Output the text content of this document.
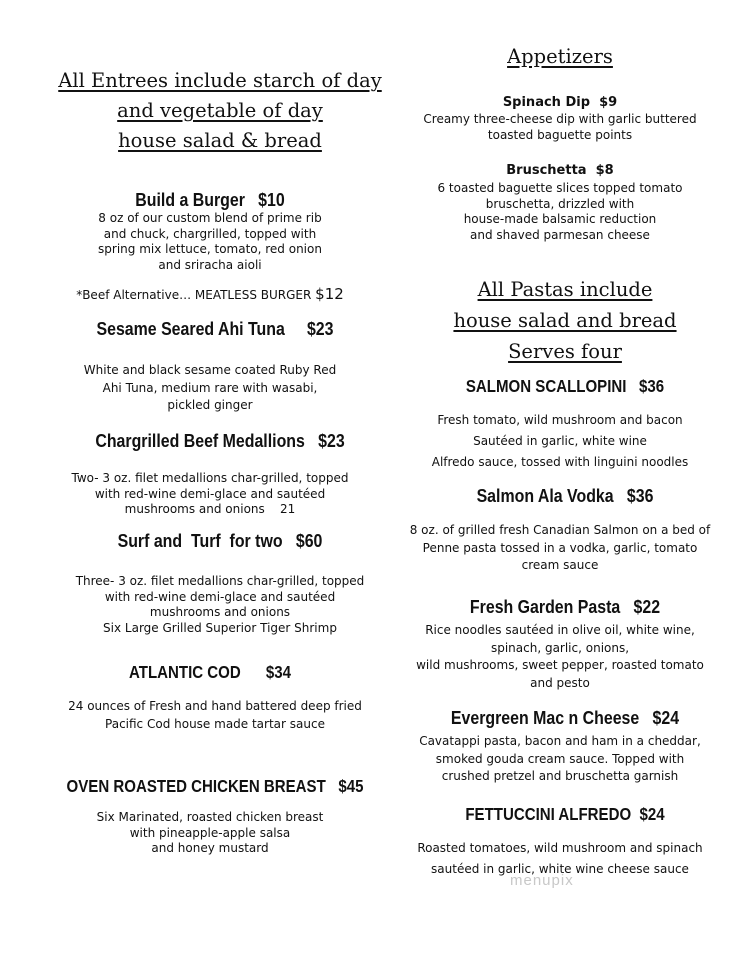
All Entrees include starch of day
and vegetable of day
house salad & bread
Build a Burger $10
8 oz of our custom blend of prime rib
and chuck, chargrilled, topped with
spring mix lettuce, tomato, red onion
and sriracha aioli
*Beef Alternative… MEATLESS BURGER $12
Sesame Seared Ahi Tuna $23
White and black sesame coated Ruby Red
Ahi Tuna, medium rare with wasabi,
pickled ginger
Chargrilled Beef Medallions $23
Two- 3 oz. filet medallions char-grilled, topped
with red-wine demi-glace and sautéed
mushrooms and onions    21
Surf and  Turf  for two $60
Three- 3 oz. filet medallions char-grilled, topped
with red-wine demi-glace and sautéed
mushrooms and onions
Six Large Grilled Superior Tiger Shrimp
ATLANTIC COD $34
24 ounces of Fresh and hand battered deep fried
Pacific Cod house made tartar sauce
OVEN ROASTED CHICKEN BREAST $45
Six Marinated, roasted chicken breast
with pineapple-apple salsa
and honey mustard
Appetizers
Spinach Dip $9
Creamy three-cheese dip with garlic buttered
toasted baguette points
Bruschetta $8
6 toasted baguette slices topped tomato
bruschetta, drizzled with
house-made balsamic reduction
and shaved parmesan cheese
All Pastas include
house salad and bread
Serves four
SALMON SCALLOPINI $36
Fresh tomato, wild mushroom and bacon
Sautéed in garlic, white wine
Alfredo sauce, tossed with linguini noodles
Salmon Ala Vodka $36
8 oz. of grilled fresh Canadian Salmon on a bed of
Penne pasta tossed in a vodka, garlic, tomato
cream sauce
Fresh Garden Pasta $22
Rice noodles sautéed in olive oil, white wine,
spinach, garlic, onions,
wild mushrooms, sweet pepper, roasted tomato
and pesto
Evergreen Mac n Cheese $24
Cavatappi pasta, bacon and ham in a cheddar,
smoked gouda cream sauce. Topped with
crushed pretzel and bruschetta garnish
FETTUCCINI ALFREDO $24
Roasted tomatoes, wild mushroom and spinach
sautéed in garlic, white wine cheese sauce
menupix
